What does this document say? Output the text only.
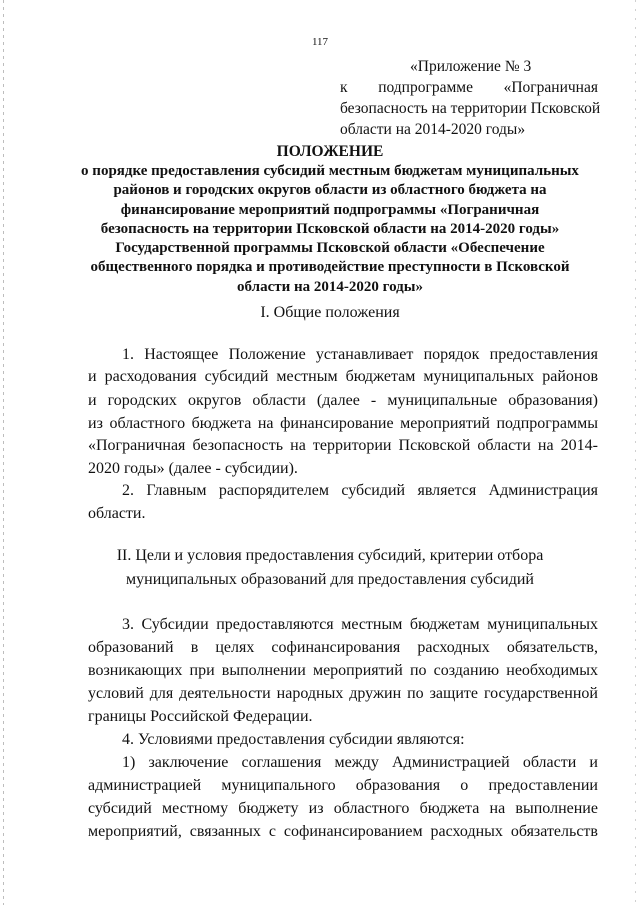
117
«Приложение № 3
к подпрограмме «Пограничная
безопасность на территории Псковской
области на 2014-2020 годы»
ПОЛОЖЕНИЕ
о порядке предоставления субсидий местным бюджетам муниципальных
районов и городских округов области из областного бюджета на
финансирование мероприятий подпрограммы «Пограничная
безопасность на территории Псковской области на 2014-2020 годы»
Государственной программы Псковской области «Обеспечение
общественного порядка и противодействие преступности в Псковской
области на 2014-2020 годы»
I. Общие положения
1. Настоящее Положение устанавливает порядок предоставления
и расходования субсидий местным бюджетам муниципальных районов
и городских округов области (далее - муниципальные образования)
из областного бюджета на финансирование мероприятий подпрограммы
«Пограничная безопасность на территории Псковской области на 2014-
2020 годы» (далее - субсидии).
2. Главным распорядителем субсидий является Администрация
области.
II. Цели и условия предоставления субсидий, критерии отбора
муниципальных образований для предоставления субсидий
3. Субсидии предоставляются местным бюджетам муниципальных
образований в целях софинансирования расходных обязательств,
возникающих при выполнении мероприятий по созданию необходимых
условий для деятельности народных дружин по защите государственной
границы Российской Федерации.
4. Условиями предоставления субсидии являются:
1) заключение соглашения между Администрацией области и
администрацией муниципального образования о предоставлении
субсидий местному бюджету из областного бюджета на выполнение
мероприятий, связанных с софинансированием расходных обязательств
